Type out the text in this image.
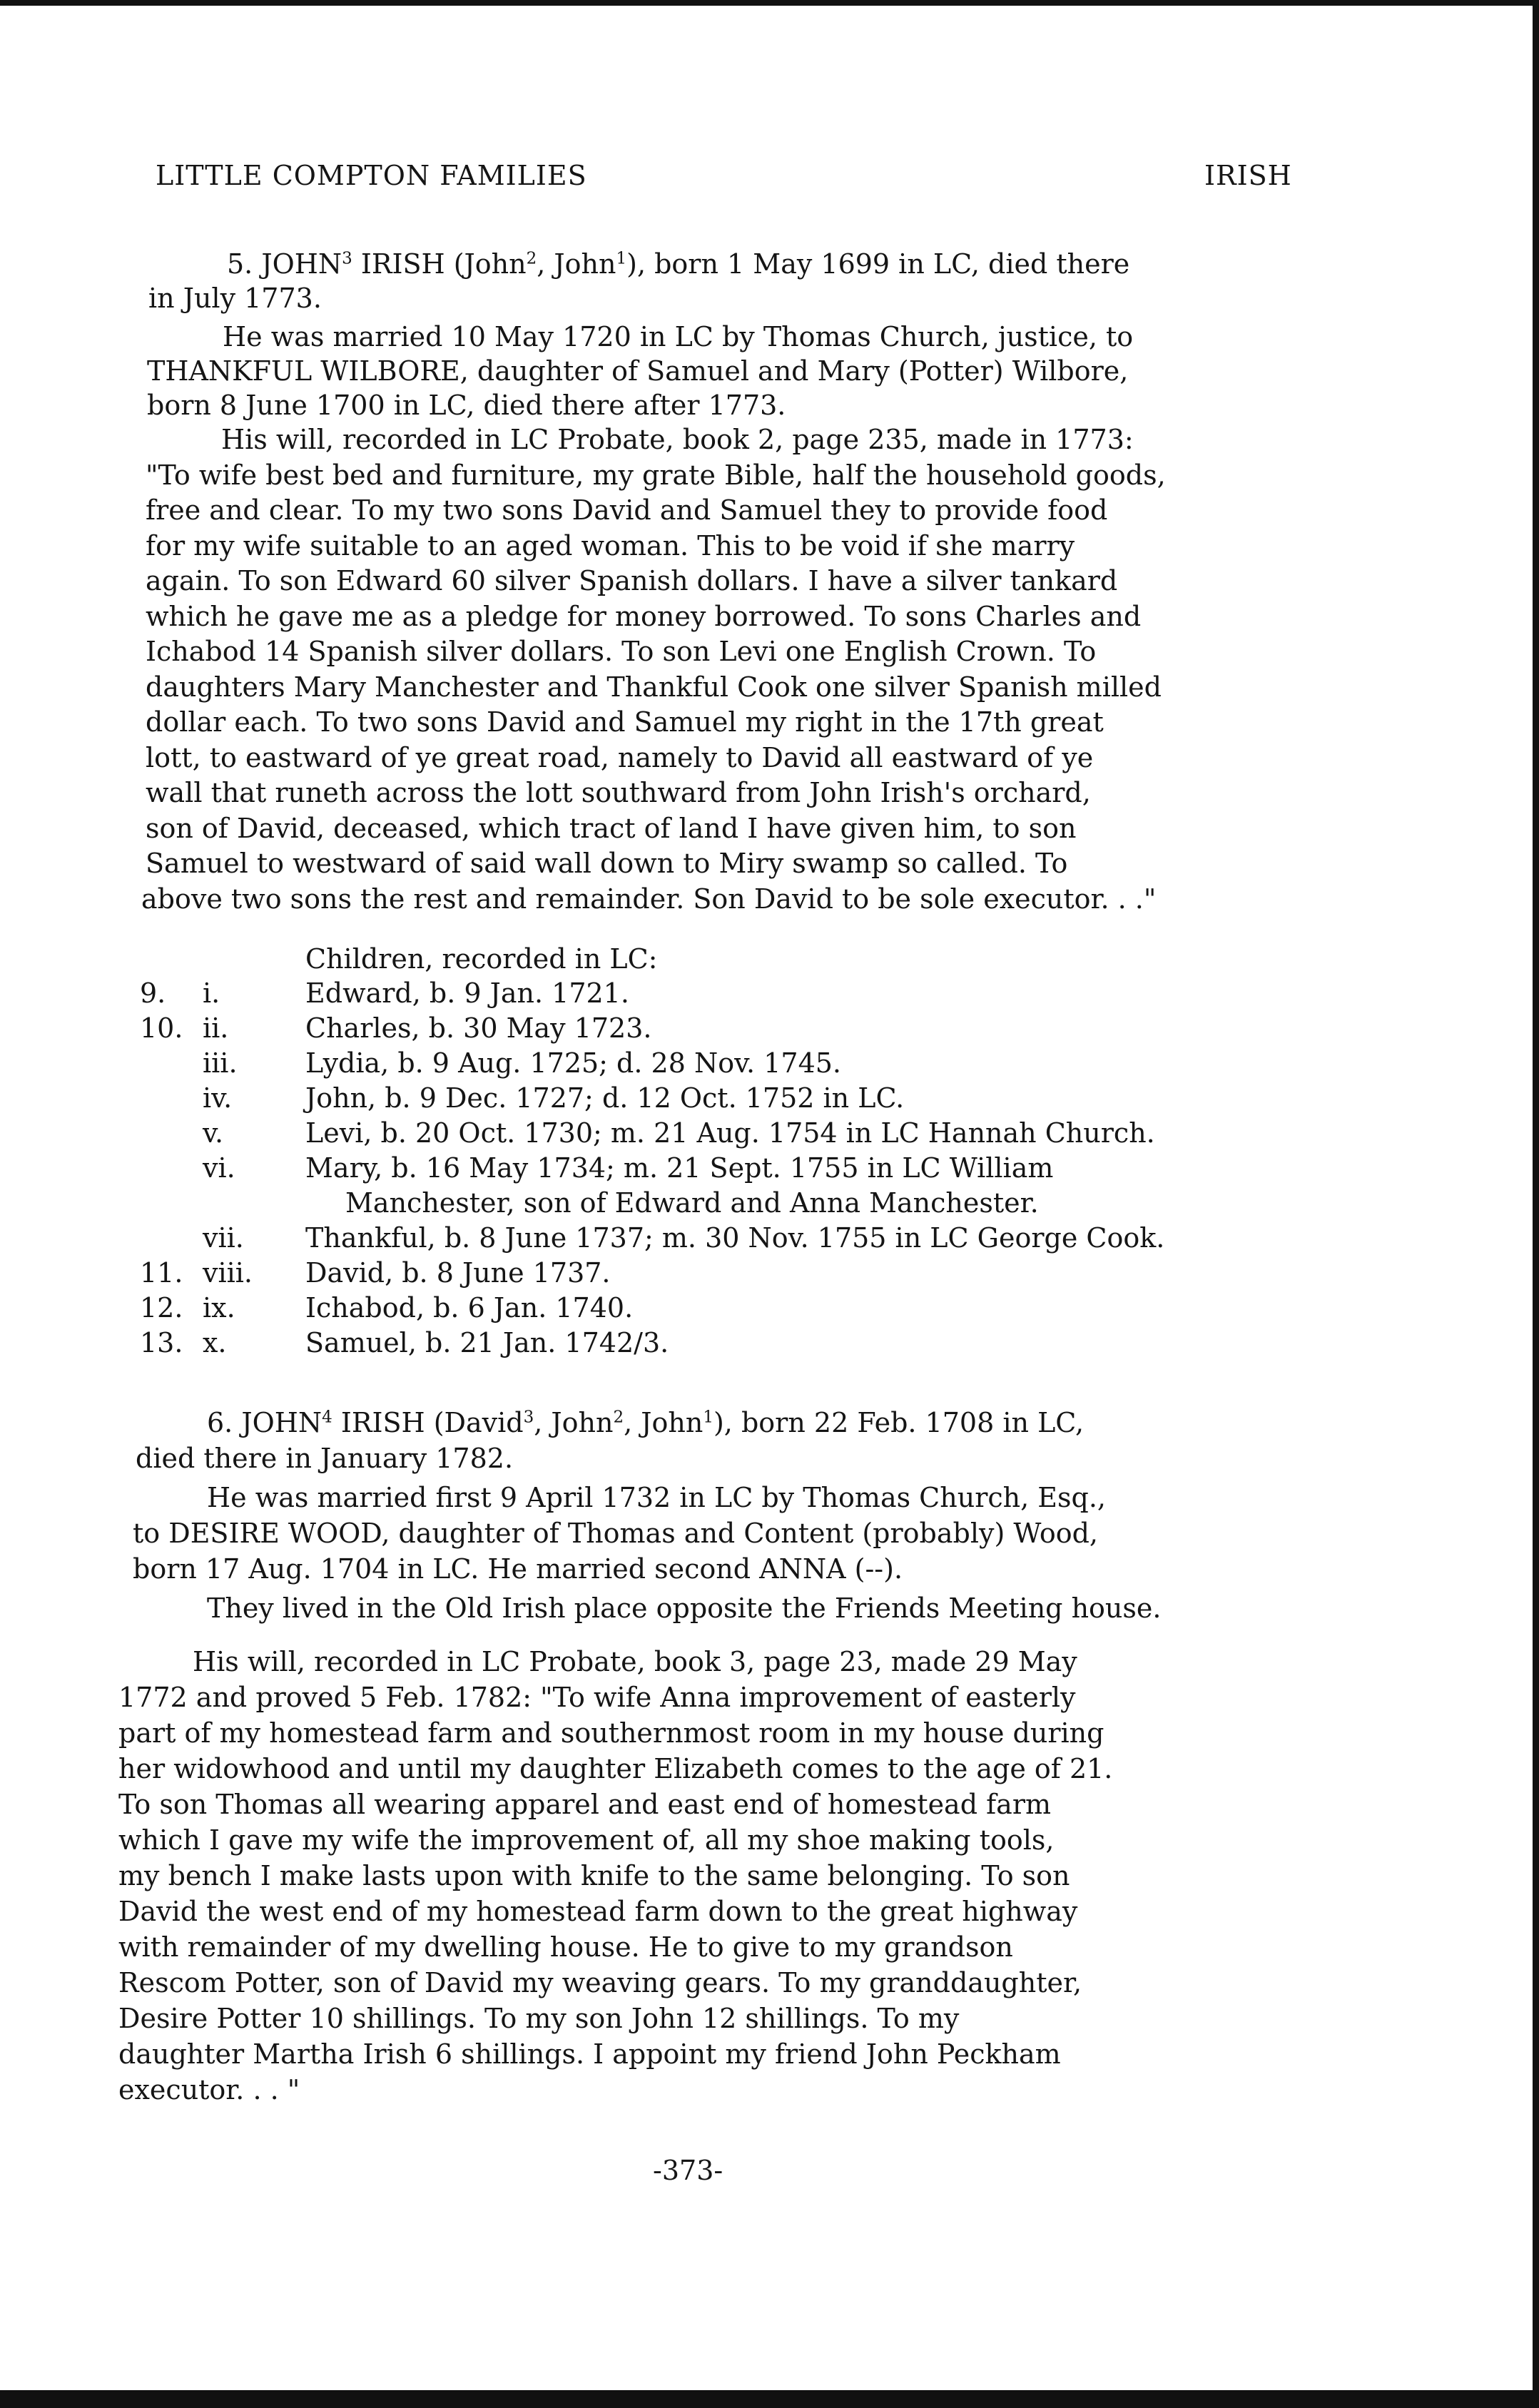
LITTLE COMPTON FAMILIES	IRISH
5. JOHN$^3$ IRISH (John$^2$, John$^1$), born 1 May 1699 in LC, died there
in July 1773.
He was married 10 May 1720 in LC by Thomas Church, justice, to
THANKFUL WILBORE, daughter of Samuel and Mary (Potter) Wilbore,
born 8 June 1700 in LC, died there after 1773.
His will, recorded in LC Probate, book 2, page 235, made in 1773:
"To wife best bed and furniture, my grate Bible, half the household goods,
free and clear. To my two sons David and Samuel they to provide food
for my wife suitable to an aged woman. This to be void if she marry
again. To son Edward 60 silver Spanish dollars. I have a silver tankard
which he gave me as a pledge for money borrowed. To sons Charles and
Ichabod 14 Spanish silver dollars. To son Levi one English Crown. To
daughters Mary Manchester and Thankful Cook one silver Spanish milled
dollar each. To two sons David and Samuel my right in the 17th great
lott, to eastward of ye great road, namely to David all eastward of ye
wall that runeth across the lott southward from John Irish's orchard,
son of David, deceased, which tract of land I have given him, to son
Samuel to westward of said wall down to Miry swamp so called. To
above two sons the rest and remainder. Son David to be sole executor. . ."
Children, recorded in LC:
9. i.	Edward, b. 9 Jan. 1721.
10. ii.	Charles, b. 30 May 1723.
iii.	Lydia, b. 9 Aug. 1725; d. 28 Nov. 1745.
iv.	John, b. 9 Dec. 1727; d. 12 Oct. 1752 in LC.
v.	Levi, b. 20 Oct. 1730; m. 21 Aug. 1754 in LC Hannah Church.
vi.	Mary, b. 16 May 1734; m. 21 Sept. 1755 in LC William
Manchester, son of Edward and Anna Manchester.
vii. Thankful, b. 8 June 1737; m. 30 Nov. 1755 in LC George Cook.
11. viii. David, b. 8 June 1737.
12. ix.	Ichabod, b. 6 Jan. 1740.
13. x.	Samuel, b. 21 Jan. 1742/3.
6. JOHN$^4$ IRISH (David$^3$, John$^2$, John$^1$), born 22 Feb. 1708 in LC,
died there in January 1782.
He was married first 9 April 1732 in LC by Thomas Church, Esq.,
to DESIRE WOOD, daughter of Thomas and Content (probably) Wood,
born 17 Aug. 1704 in LC. He married second ANNA (--).
They lived in the Old Irish place opposite the Friends Meeting house.
His will, recorded in LC Probate, book 3, page 23, made 29 May
1772 and proved 5 Feb. 1782: "To wife Anna improvement of easterly
part of my homestead farm and southernmost room in my house during
her widowhood and until my daughter Elizabeth comes to the age of 21.
To son Thomas all wearing apparel and east end of homestead farm
which I gave my wife the improvement of, all my shoe making tools,
my bench I make lasts upon with knife to the same belonging. To son
David the west end of my homestead farm down to the great highway
with remainder of my dwelling house. He to give to my grandson
Rescom Potter, son of David my weaving gears. To my granddaughter,
Desire Potter 10 shillings. To my son John 12 shillings. To my
daughter Martha Irish 6 shillings. I appoint my friend John Peckham
executor. . . "
-373-
